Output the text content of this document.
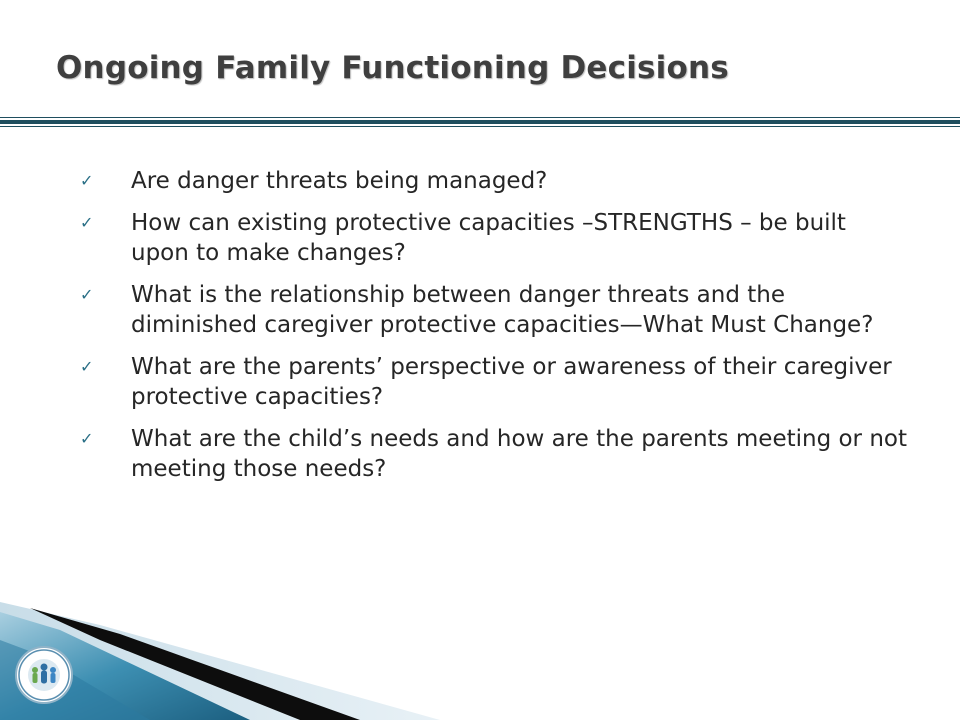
Ongoing Family Functioning Decisions
✓ Are danger threats being managed?
✓ How can existing protective capacities –STRENGTHS – be built upon to make changes?
✓ What is the relationship between danger threats and the diminished caregiver protective capacities—What Must Change?
✓ What are the parents’ perspective or awareness of their caregiver protective capacities?
✓ What are the child’s needs and how are the parents meeting or not meeting those needs?
